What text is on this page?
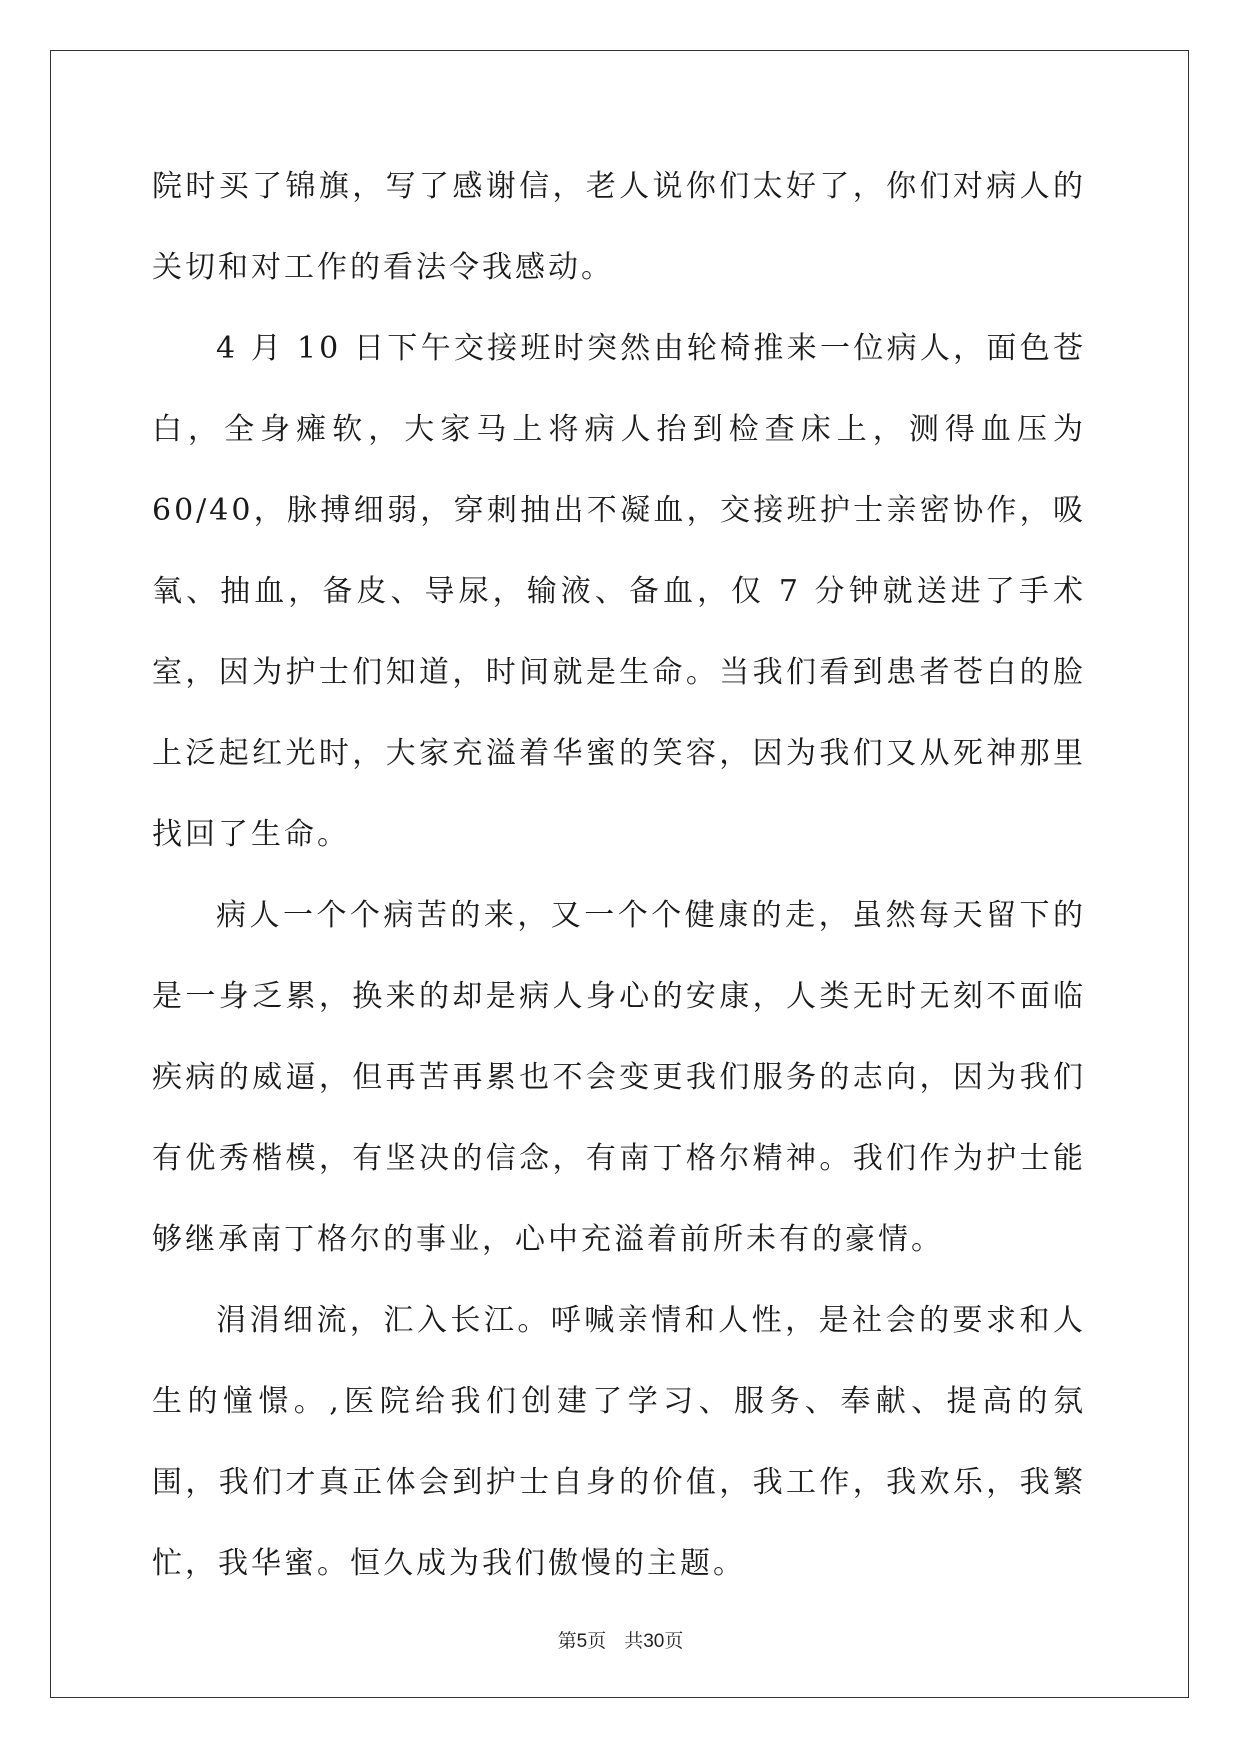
院时买了锦旗，写了感谢信，老人说你们太好了，你们对病人的关切和对工作的看法令我感动。

4 月 10 日下午交接班时突然由轮椅推来一位病人，面色苍白，全身瘫软，大家马上将病人抬到检查床上，测得血压为 60/40，脉搏细弱，穿刺抽出不凝血，交接班护士亲密协作，吸氧、抽血，备皮、导尿，输液、备血，仅 7 分钟就送进了手术室，因为护士们知道，时间就是生命。当我们看到患者苍白的脸上泛起红光时，大家充溢着华蜜的笑容，因为我们又从死神那里找回了生命。

病人一个个病苦的来，又一个个健康的走，虽然每天留下的是一身乏累，换来的却是病人身心的安康，人类无时无刻不面临疾病的威逼，但再苦再累也不会变更我们服务的志向，因为我们有优秀楷模，有坚决的信念，有南丁格尔精神。我们作为护士能够继承南丁格尔的事业，心中充溢着前所未有的豪情。

涓涓细流，汇入长江。呼喊亲情和人性，是社会的要求和人生的憧憬。,医院给我们创建了学习、服务、奉献、提高的氛围，我们才真正体会到护士自身的价值，我工作，我欢乐，我繁忙，我华蜜。恒久成为我们傲慢的主题。

第5页 共30页
